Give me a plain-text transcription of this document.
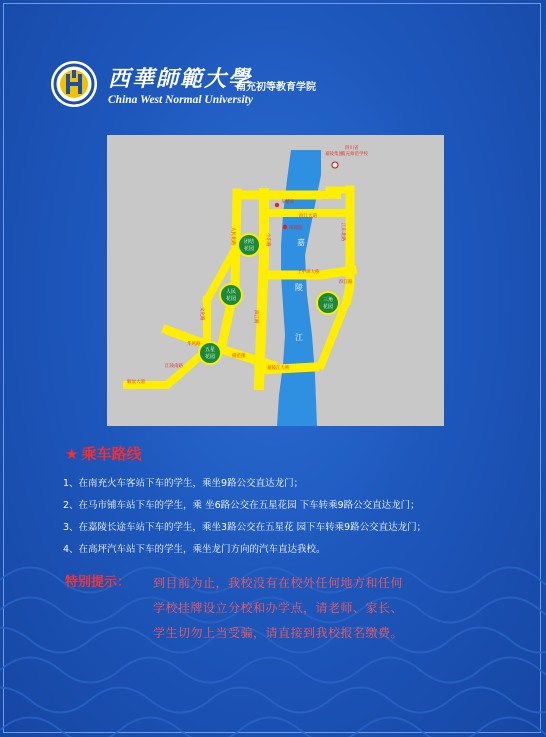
西華師範大學
南充初等教育学院
China West Normal University
团结
花园
人民
花园
五星
花园
三角
花园
嘉
陵
江
嘉陵集团
四川省
南充师范学校
车桥前
荣湖院
滨江大道
上中坝大桥
滨江路
华风路
模范街
江陵南路
解放大道
嘉陵江大桥
人民北路
文化路
小东路	江东北路
滨江路
★ 乘车路线
1、在南充火车客站下车的学生，乘坐9路公交直达龙门；
2、在马市铺车站下车的学生，乘 坐6路公交在五星花园 下车转乘9路公交直达龙门；
3、在嘉陵长途车站下车的学生，乘坐3路公交在五星花 园下车转乘9路公交直达龙门；
4、在高坪汽车站下车的学生，乘坐龙门方向的汽车直达我校。
特别提示： 到目前为止，我校没有在校外任何地方和任何
学校挂牌设立分校和办学点，请老师、家长、
学生切勿上当受骗，请直接到我校报名缴费。
